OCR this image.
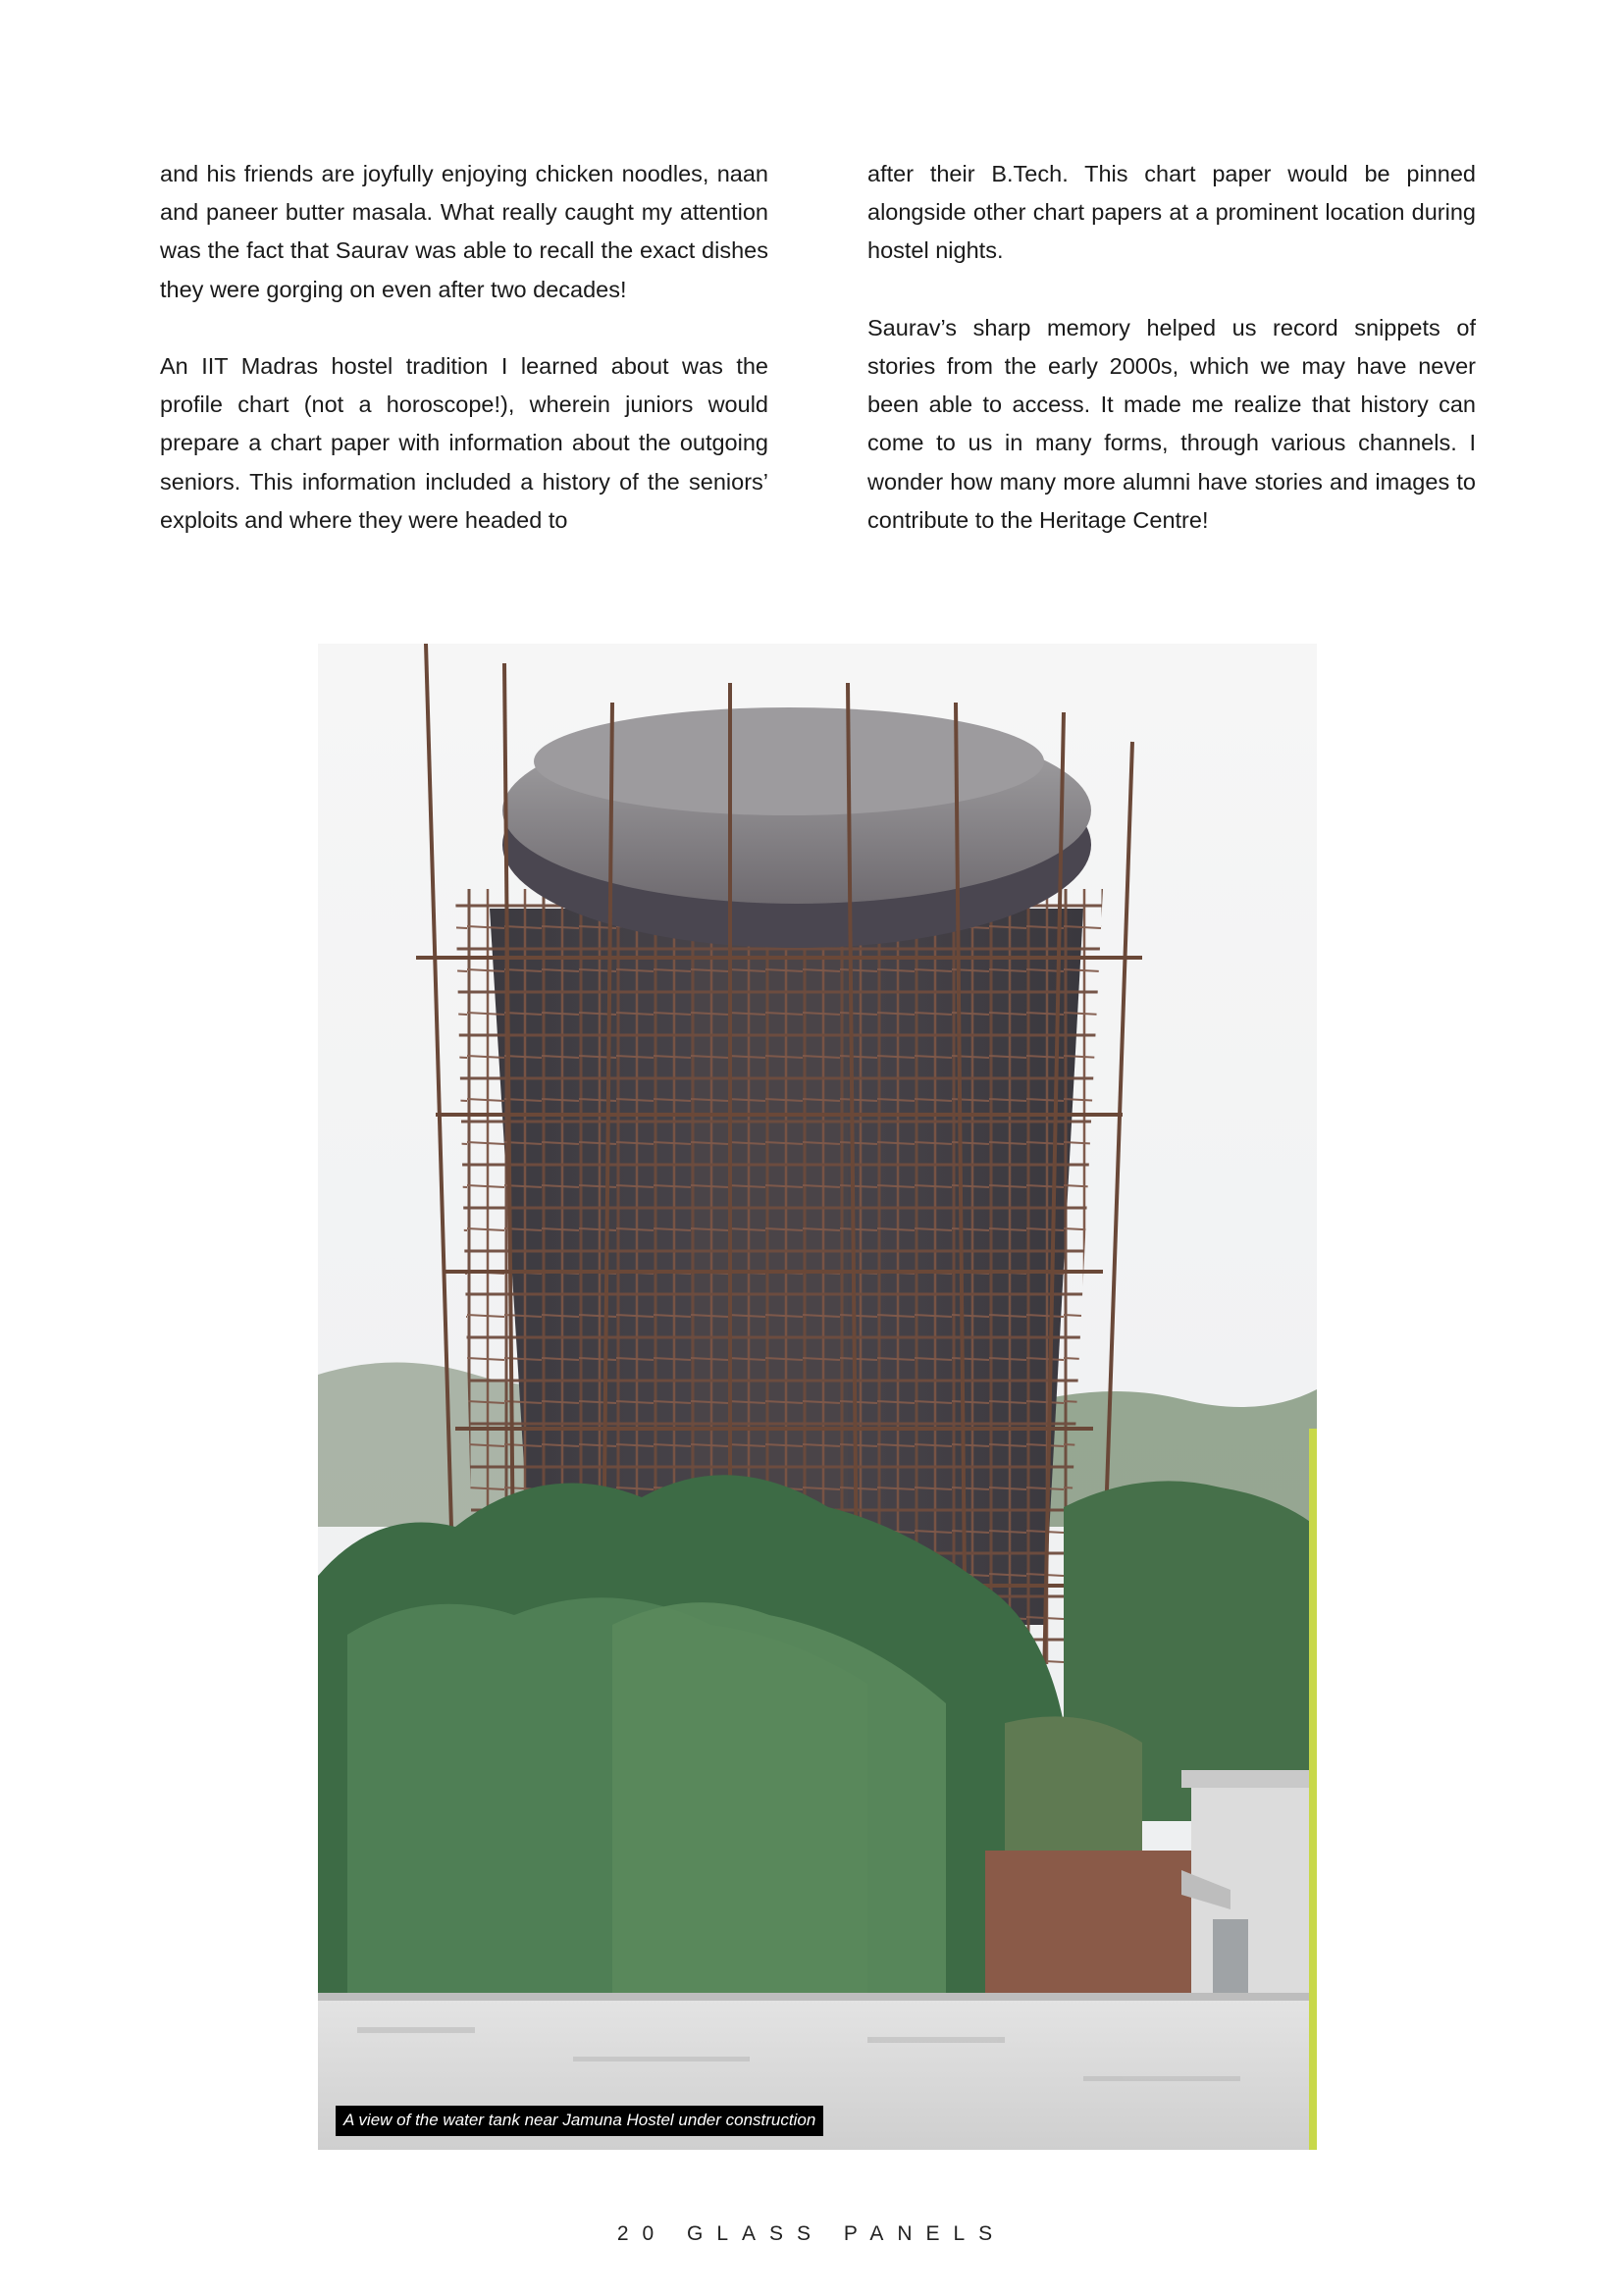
and his friends are joyfully enjoying chicken noodles, naan and paneer butter masala. What really caught my attention was the fact that Saurav was able to recall the exact dishes they were gorging on even after two decades!

An IIT Madras hostel tradition I learned about was the profile chart (not a horoscope!), wherein juniors would prepare a chart paper with information about the outgoing seniors. This information included a history of the seniors’ exploits and where they were headed to

after their B.Tech. This chart paper would be pinned alongside other chart papers at a prominent location during hostel nights.

Saurav’s sharp memory helped us record snippets of stories from the early 2000s, which we may have never been able to access. It made me realize that history can come to us in many forms, through various channels. I wonder how many more alumni have stories and images to contribute to the Heritage Centre!

A view of the water tank near Jamuna Hostel under construction
20 GLASS PANELS
